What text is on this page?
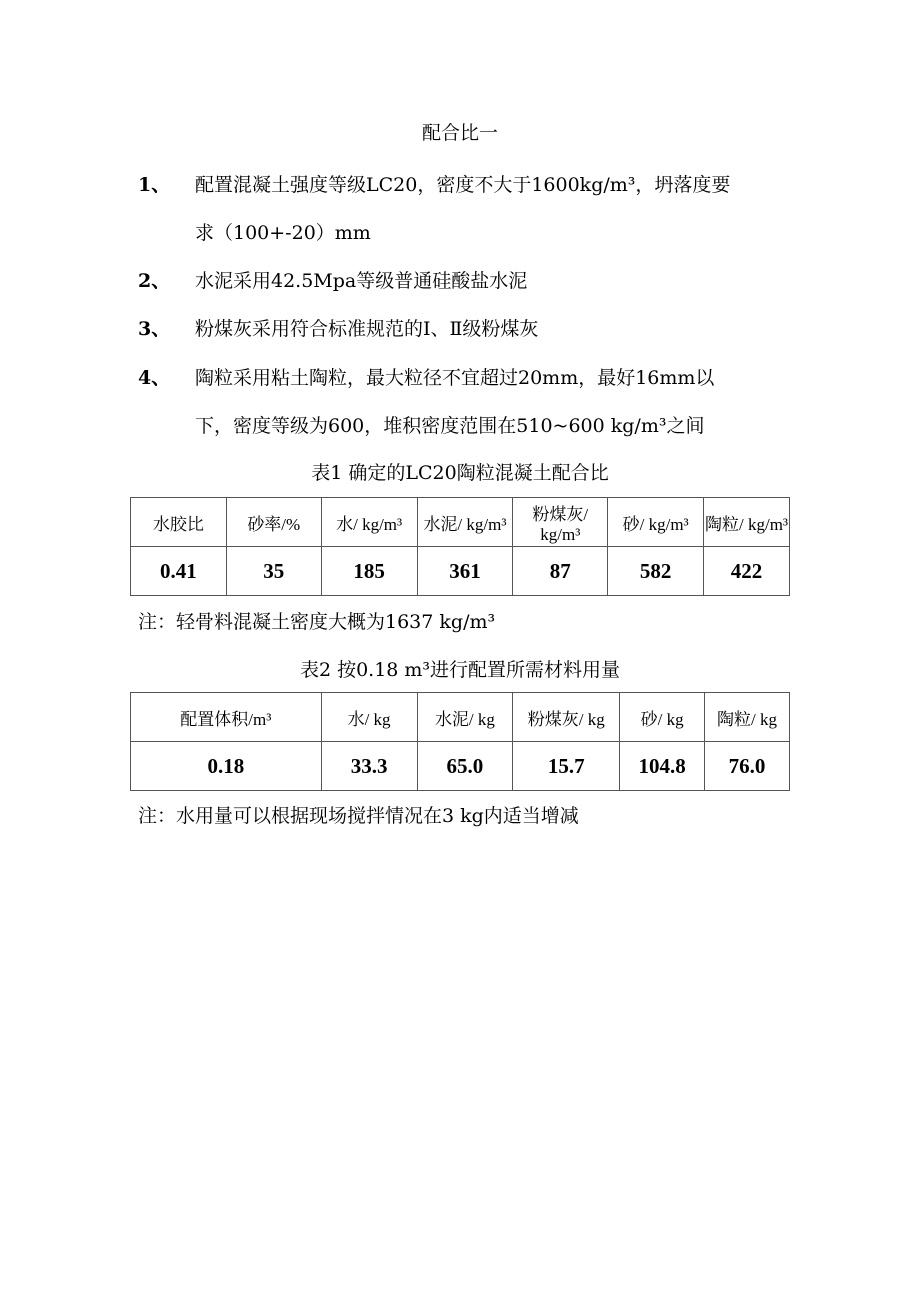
配合比一
1、 配置混凝土强度等级LC20，密度不大于1600kg/m³，坍落度要
求（100+-20）mm
2、 水泥采用42.5Mpa等级普通硅酸盐水泥
3、 粉煤灰采用符合标准规范的Ⅰ、Ⅱ级粉煤灰
4、 陶粒采用粘土陶粒，最大粒径不宜超过20mm，最好16mm以
下，密度等级为600，堆积密度范围在510~600 kg/m³之间
表1 确定的LC20陶粒混凝土配合比
水胶比	砂率/%	水/ kg/m³	水泥/ kg/m³	粉煤灰/ kg/m³	砂/ kg/m³	陶粒/ kg/m³
0.41	35	185	361	87	582	422
注：轻骨料混凝土密度大概为1637 kg/m³
表2 按0.18 m³进行配置所需材料用量
配置体积/m³	水/ kg	水泥/ kg	粉煤灰/ kg	砂/ kg	陶粒/ kg
0.18	33.3	65.0	15.7	104.8	76.0
注：水用量可以根据现场搅拌情况在3 kg内适当增减
